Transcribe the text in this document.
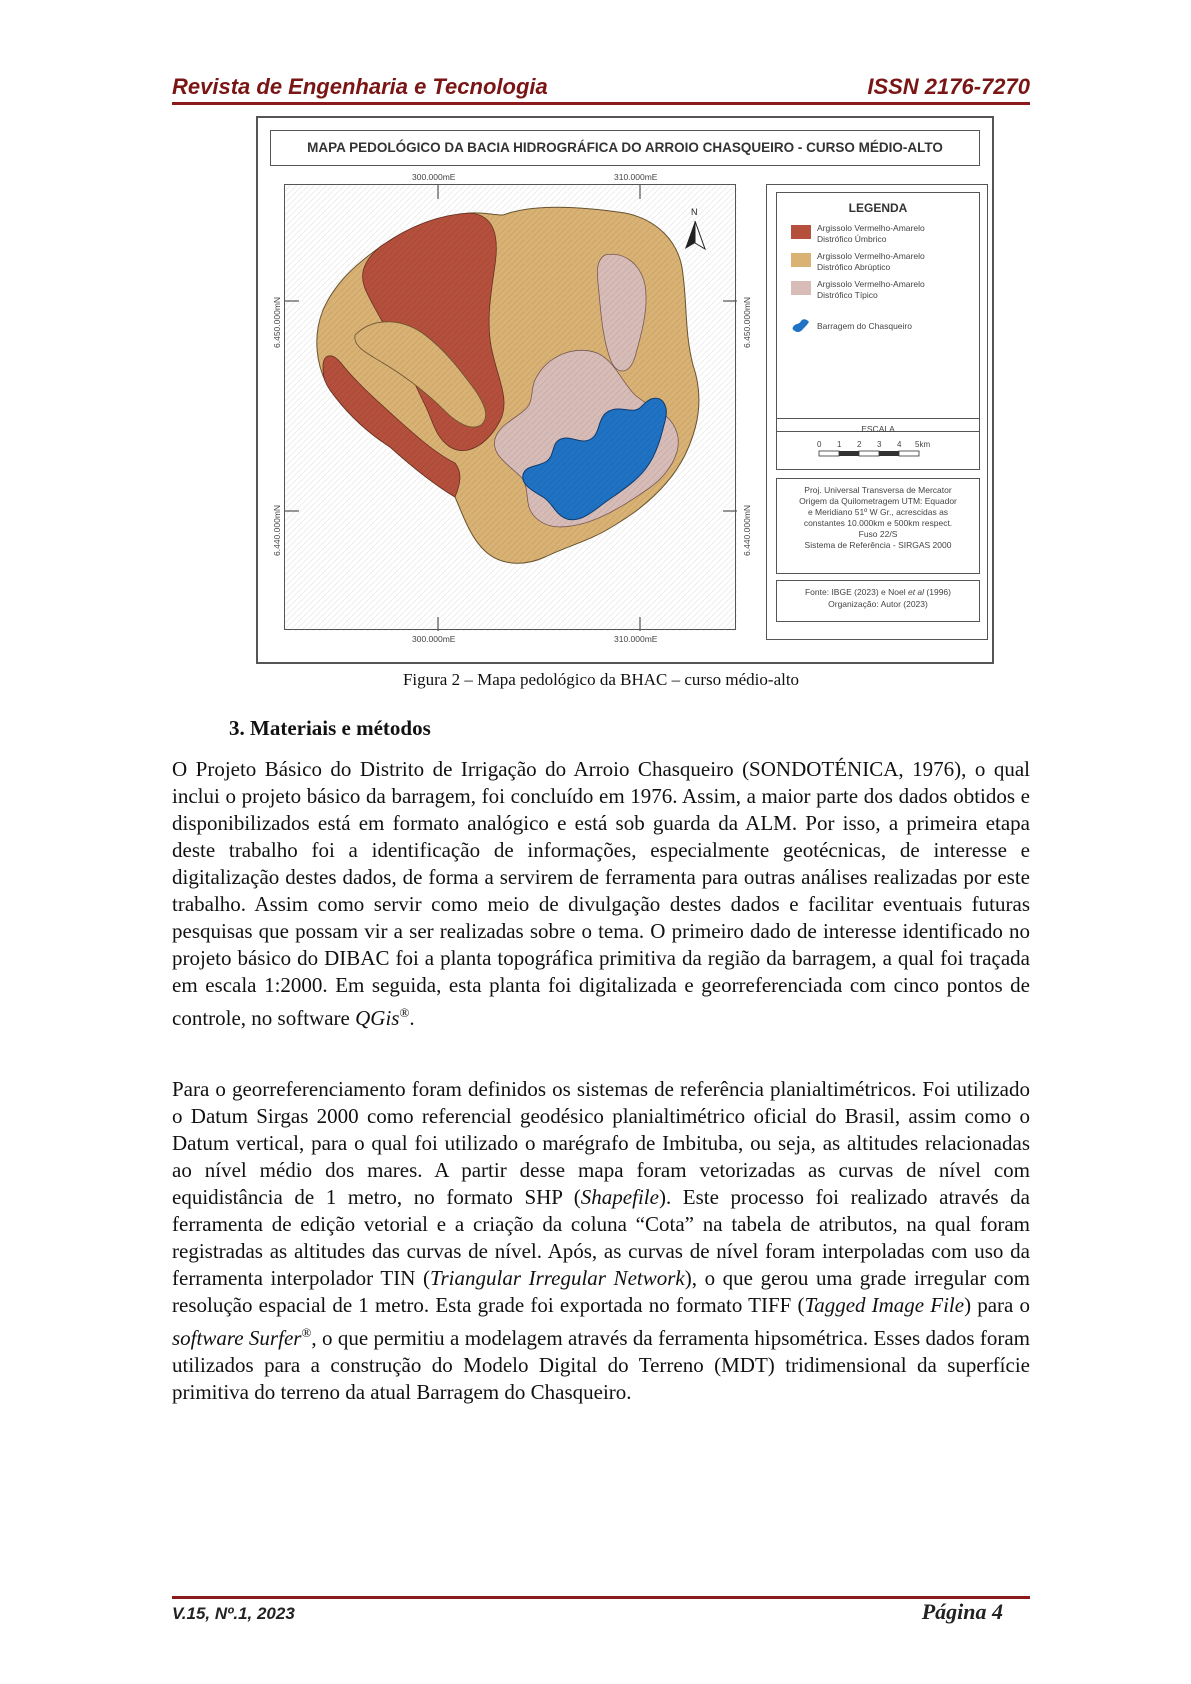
Revista de Engenharia e Tecnologia	ISSN 2176-7270
MAPA PEDOLÓGICO DA BACIA HIDROGRÁFICA DO ARROIO CHASQUEIRO - CURSO MÉDIO-ALTO
N
300.000mE	310.000mE
300.000mE	310.000mE
6.450.000mN
6.440.000mN
6.450.000mN
6.440.000mN
LEGENDA
Argissolo Vermelho-Amarelo
Distrófico Úmbrico
Argissolo Vermelho-Amarelo
Distrófico Abrúptico
Argissolo Vermelho-Amarelo
Distrófico Típico
Barragem do Chasqueiro
ESCALA
0 1 2 3 4 5km
Proj. Universal Transversa de Mercator
Origem da Quilometragem UTM: Equador
e Meridiano 51º W Gr., acrescidas as
constantes 10.000km e 500km respect.
Fuso 22/S
Sistema de Referência - SIRGAS 2000
Fonte: IBGE (2023) e Noel et al (1996)
Organização: Autor (2023)
Figura 2 – Mapa pedológico da BHAC – curso médio-alto
3. Materiais e métodos

O Projeto Básico do Distrito de Irrigação do Arroio Chasqueiro (SONDOTÉNICA, 1976), o qual inclui o projeto básico da barragem, foi concluído em 1976. Assim, a maior parte dos dados obtidos e disponibilizados está em formato analógico e está sob guarda da ALM. Por isso, a primeira etapa deste trabalho foi a identificação de informações, especialmente geotécnicas, de interesse e digitalização destes dados, de forma a servirem de ferramenta para outras análises realizadas por este trabalho. Assim como servir como meio de divulgação destes dados e facilitar eventuais futuras pesquisas que possam vir a ser realizadas sobre o tema. O primeiro dado de interesse identificado no projeto básico do DIBAC foi a planta topográfica primitiva da região da barragem, a qual foi traçada em escala 1:2000. Em seguida, esta planta foi digitalizada e georreferenciada com cinco pontos de controle, no software QGis®.

Para o georreferenciamento foram definidos os sistemas de referência planialtimétricos. Foi utilizado o Datum Sirgas 2000 como referencial geodésico planialtimétrico oficial do Brasil, assim como o Datum vertical, para o qual foi utilizado o marégrafo de Imbituba, ou seja, as altitudes relacionadas ao nível médio dos mares. A partir desse mapa foram vetorizadas as curvas de nível com equidistância de 1 metro, no formato SHP (Shapefile). Este processo foi realizado através da ferramenta de edição vetorial e a criação da coluna “Cota” na tabela de atributos, na qual foram registradas as altitudes das curvas de nível. Após, as curvas de nível foram interpoladas com uso da ferramenta interpolador TIN (Triangular Irregular Network), o que gerou uma grade irregular com resolução espacial de 1 metro. Esta grade foi exportada no formato TIFF (Tagged Image File) para o software Surfer®, o que permitiu a modelagem através da ferramenta hipsométrica. Esses dados foram utilizados para a construção do Modelo Digital do Terreno (MDT) tridimensional da superfície primitiva do terreno da atual Barragem do Chasqueiro.

V.15, Nº.1, 2023	Página 4
